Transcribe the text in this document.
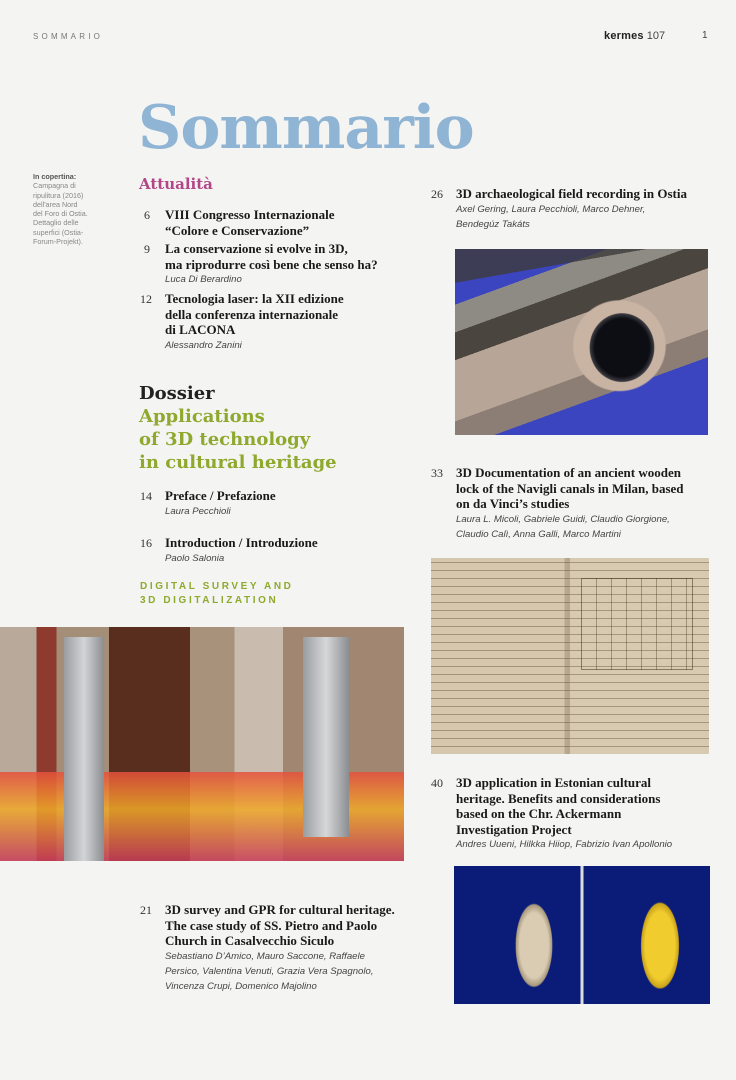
SOMMARIO	kermes 107	1
Sommario
In copertina:
Campagna di
ripulitura (2016)
dell'area Nord
del Foro di Ostia.
Dettaglio delle
superfici (Ostia-
Forum-Projekt).
Attualità
6 VIII Congresso Internazionale
“Colore e Conservazione”
9 La conservazione si evolve in 3D,
ma riprodurre così bene che senso ha?
Luca Di Berardino
12 Tecnologia laser: la XII edizione
della conferenza internazionale
di LACONA
Alessandro Zanini
Dossier
Applications
of 3D technology
in cultural heritage
14 Preface / Prefazione
Laura Pecchioli
16 Introduction / Introduzione
Paolo Salonia
DIGITAL SURVEY AND
3D DIGITALIZATION
26 3D archaeological field recording in Ostia
Axel Gering, Laura Pecchioli, Marco Dehner,
Bendegúz Takáts
33 3D Documentation of an ancient wooden
lock of the Navigli canals in Milan, based
on da Vinci’s studies
Laura L. Micoli, Gabriele Guidi, Claudio Giorgione,
Claudio Calì, Anna Galli, Marco Martini
40 3D application in Estonian cultural
heritage. Benefits and considerations
based on the Chr. Ackermann
Investigation Project
Andres Uueni, Hilkka Hiiop, Fabrizio Ivan Apollonio
21 3D survey and GPR for cultural heritage.
The case study of SS. Pietro and Paolo
Church in Casalvecchio Siculo
Sebastiano D’Amico, Mauro Saccone, Raffaele
Persico, Valentina Venuti, Grazia Vera Spagnolo,
Vincenza Crupi, Domenico Majolino
